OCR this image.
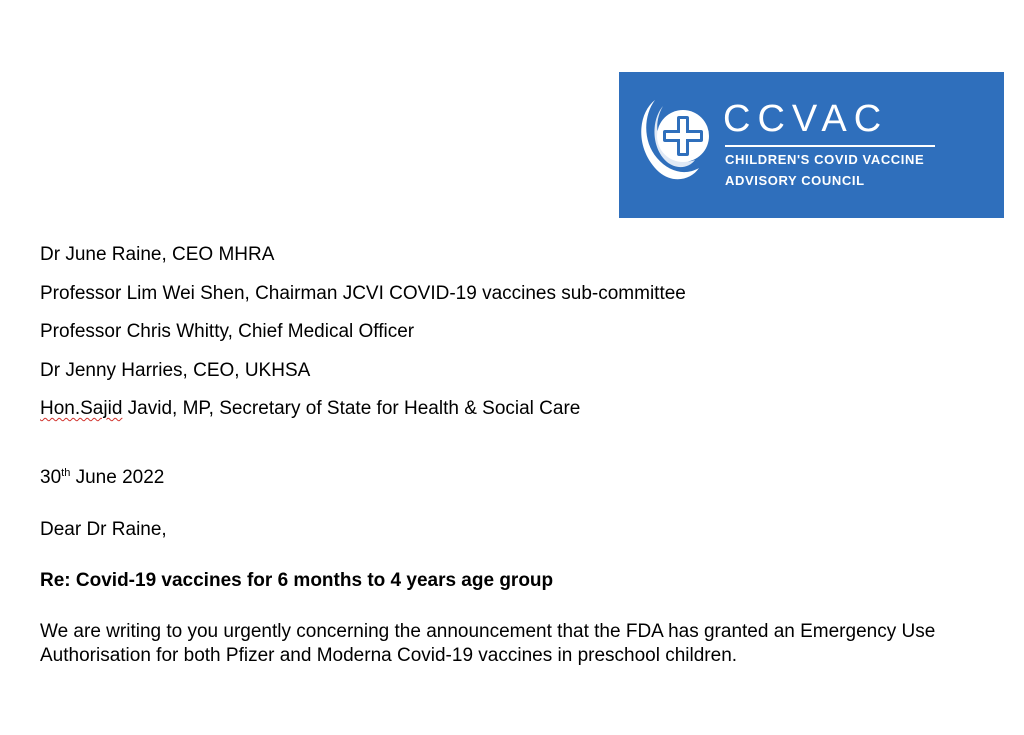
CCVAC
CHILDREN'S COVID VACCINE
ADVISORY COUNCIL
Dr June Raine, CEO MHRA
Professor Lim Wei Shen, Chairman JCVI COVID-19 vaccines sub-committee
Professor Chris Whitty, Chief Medical Officer
Dr Jenny Harries, CEO, UKHSA
Hon.Sajid Javid, MP, Secretary of State for Health & Social Care
30th June 2022
Dear Dr Raine,
Re: Covid-19 vaccines for 6 months to 4 years age group
We are writing to you urgently concerning the announcement that the FDA has granted an Emergency Use Authorisation for both Pfizer and Moderna Covid-19 vaccines in preschool children.
